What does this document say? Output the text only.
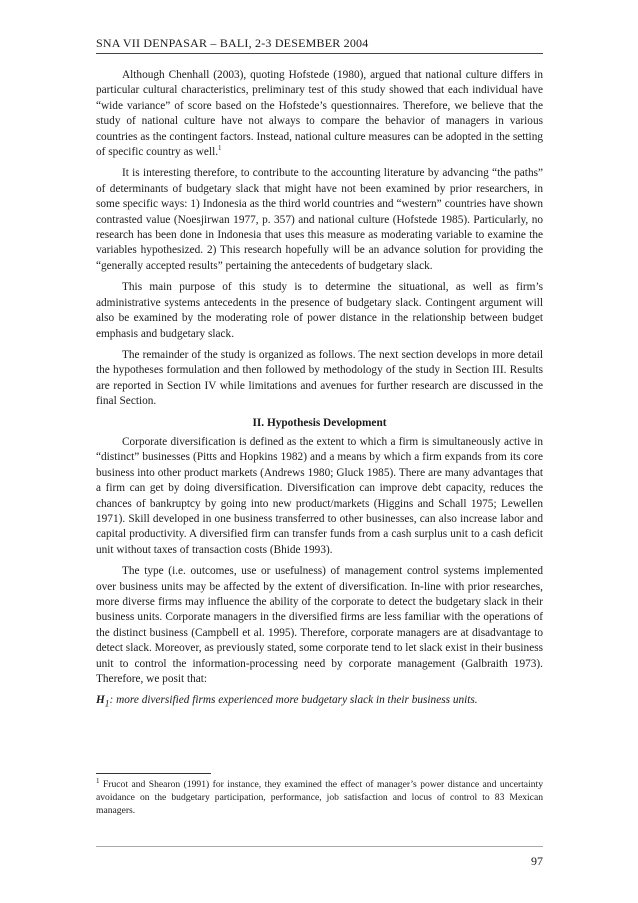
SNA VII DENPASAR – BALI, 2-3 DESEMBER 2004

Although Chenhall (2003), quoting Hofstede (1980), argued that national culture differs in particular cultural characteristics, preliminary test of this study showed that each individual have “wide variance” of score based on the Hofstede’s questionnaires. Therefore, we believe that the study of national culture have not always to compare the behavior of managers in various countries as the contingent factors. Instead, national culture measures can be adopted in the setting of specific country as well.$^1$

It is interesting therefore, to contribute to the accounting literature by advancing “the paths” of determinants of budgetary slack that might have not been examined by prior researchers, in some specific ways: 1) Indonesia as the third world countries and “western” countries have shown contrasted value (Noesjirwan 1977, p. 357) and national culture (Hofstede 1985). Particularly, no research has been done in Indonesia that uses this measure as moderating variable to examine the variables hypothesized. 2) This research hopefully will be an advance solution for providing the “generally accepted results” pertaining the antecedents of budgetary slack.

This main purpose of this study is to determine the situational, as well as firm’s administrative systems antecedents in the presence of budgetary slack. Contingent argument will also be examined by the moderating role of power distance in the relationship between budget emphasis and budgetary slack.

The remainder of the study is organized as follows. The next section develops in more detail the hypotheses formulation and then followed by methodology of the study in Section III. Results are reported in Section IV while limitations and avenues for further research are discussed in the final Section.

II. Hypothesis Development

Corporate diversification is defined as the extent to which a firm is simultaneously active in “distinct” businesses (Pitts and Hopkins 1982) and a means by which a firm expands from its core business into other product markets (Andrews 1980; Gluck 1985). There are many advantages that a firm can get by doing diversification. Diversification can improve debt capacity, reduces the chances of bankruptcy by going into new product/markets (Higgins and Schall 1975; Lewellen 1971). Skill developed in one business transferred to other businesses, can also increase labor and capital productivity. A diversified firm can transfer funds from a cash surplus unit to a cash deficit unit without taxes of transaction costs (Bhide 1993).

The type (i.e. outcomes, use or usefulness) of management control systems implemented over business units may be affected by the extent of diversification. In-line with prior researches, more diverse firms may influence the ability of the corporate to detect the budgetary slack in their business units. Corporate managers in the diversified firms are less familiar with the operations of the distinct business (Campbell et al. 1995). Therefore, corporate managers are at disadvantage to detect slack. Moreover, as previously stated, some corporate tend to let slack exist in their business unit to control the information-processing need by corporate management (Galbraith 1973). Therefore, we posit that:

$H_1$: more diversified firms experienced more budgetary slack in their business units.

$^1$ Frucot and Shearon (1991) for instance, they examined the effect of manager’s power distance and uncertainty avoidance on the budgetary participation, performance, job satisfaction and locus of control to 83 Mexican managers.
97
